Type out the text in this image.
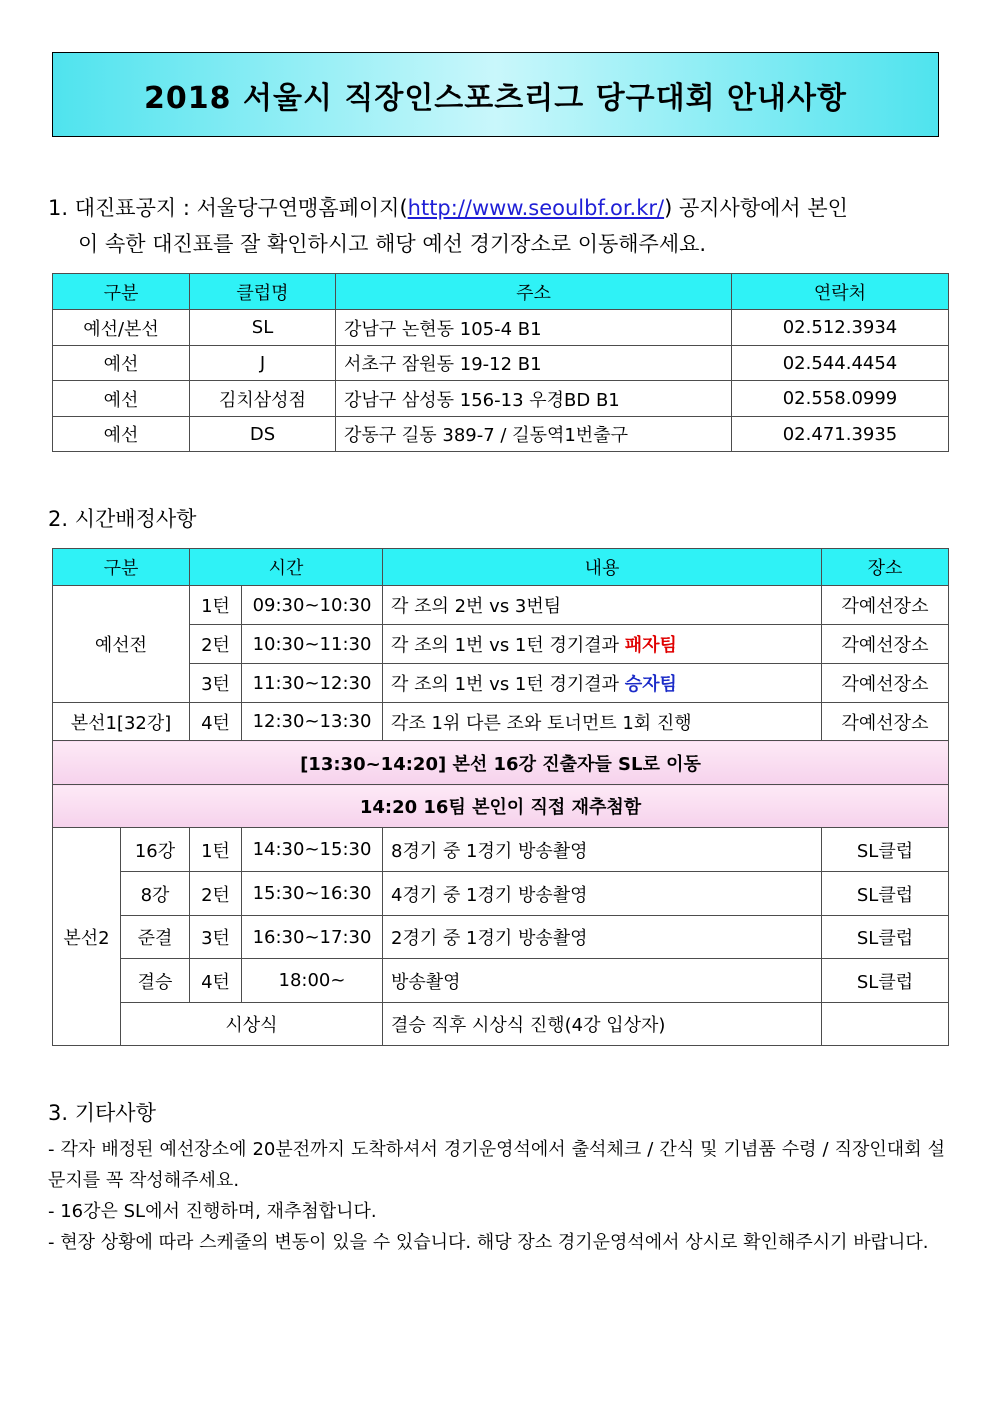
2018 서울시 직장인스포츠리그 당구대회 안내사항
1. 대진표공지 : 서울당구연맹홈페이지(http://www.seoulbf.or.kr/) 공지사항에서 본인
이 속한 대진표를 잘 확인하시고 해당 예선 경기장소로 이동해주세요.
구분	클럽명	주소	연락처
예선/본선	SL	강남구 논현동 105-4 B1	02.512.3934
예선	J	서초구 잠원동 19-12 B1	02.544.4454
예선	김치삼성점	강남구 삼성동 156-13 우경BD B1	02.558.0999
예선	DS	강동구 길동 389-7 / 길동역1번출구	02.471.3935
2. 시간배정사항
구분		시간		내용	장소
예선전		1턴	09:30~10:30	각 조의 2번 vs 3번팀	각예선장소
		2턴	10:30~11:30	각 조의 1번 vs 1턴 경기결과 패자팀	각예선장소
		3턴	11:30~12:30	각 조의 1번 vs 1턴 경기결과 승자팀	각예선장소
본선1[32강]		4턴	12:30~13:30	각조 1위 다른 조와 토너먼트 1회 진행	각예선장소
[13:30~14:20] 본선 16강 진출자들 SL로 이동					
14:20 16팀 본인이 직접 재추첨함					
본선2	16강	1턴	14:30~15:30	8경기 중 1경기 방송촬영	SL클럽
	8강	2턴	15:30~16:30	4경기 중 1경기 방송촬영	SL클럽
	준결	3턴	16:30~17:30	2경기 중 1경기 방송촬영	SL클럽
	결승	4턴	18:00~	방송촬영	SL클럽
	시상식			결승 직후 시상식 진행(4강 입상자)	
3. 기타사항
- 각자 배정된 예선장소에 20분전까지 도착하셔서 경기운영석에서 출석체크 / 간식 및 기념품 수령 / 직장인대회 설문지를 꼭 작성해주세요.
- 16강은 SL에서 진행하며, 재추첨합니다.
- 현장 상황에 따라 스케줄의 변동이 있을 수 있습니다. 해당 장소 경기운영석에서 상시로 확인해주시기 바랍니다.
